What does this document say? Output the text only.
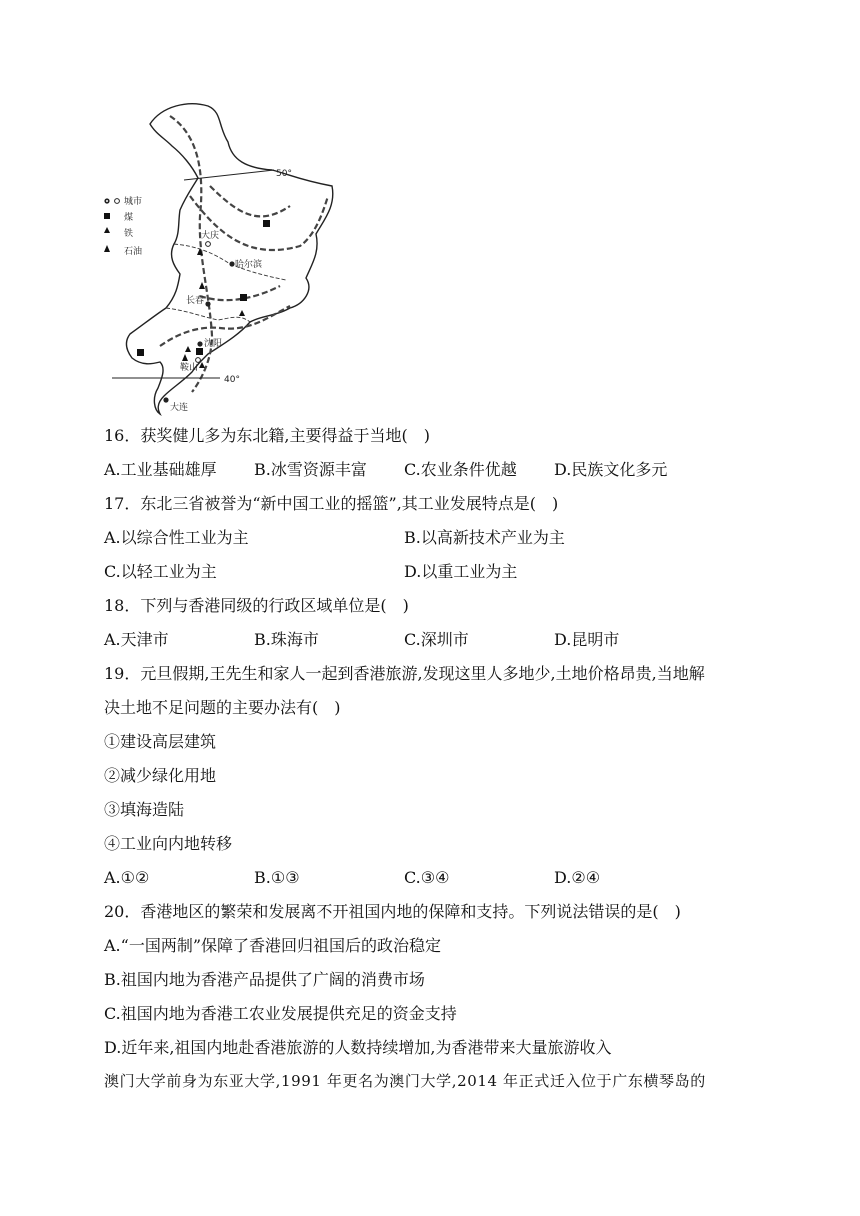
50°
40°
城市
煤
铁
石油
大庆
哈尔滨
长春
沈阳
鞍山
大连
16．获奖健儿多为东北籍,主要得益于当地(　)
A.工业基础雄厚 B.冰雪资源丰富 C.农业条件优越 D.民族文化多元
17．东北三省被誉为“新中国工业的摇篮”,其工业发展特点是(　)
A.以综合性工业为主	B.以高新技术产业为主
C.以轻工业为主	D.以重工业为主
18．下列与香港同级的行政区域单位是(　)
A.天津市	B.珠海市	C.深圳市	D.昆明市
19．元旦假期,王先生和家人一起到香港旅游,发现这里人多地少,土地价格昂贵,当地解
决土地不足问题的主要办法有(　)
①建设高层建筑
②减少绿化用地
③填海造陆
④工业向内地转移
A.①②	B.①③	C.③④	D.②④
20．香港地区的繁荣和发展离不开祖国内地的保障和支持。下列说法错误的是(　)
A.“一国两制”保障了香港回归祖国后的政治稳定
B.祖国内地为香港产品提供了广阔的消费市场
C.祖国内地为香港工农业发展提供充足的资金支持
D.近年来,祖国内地赴香港旅游的人数持续增加,为香港带来大量旅游收入
澳门大学前身为东亚大学,1991 年更名为澳门大学,2014 年正式迁入位于广东横琴岛的
